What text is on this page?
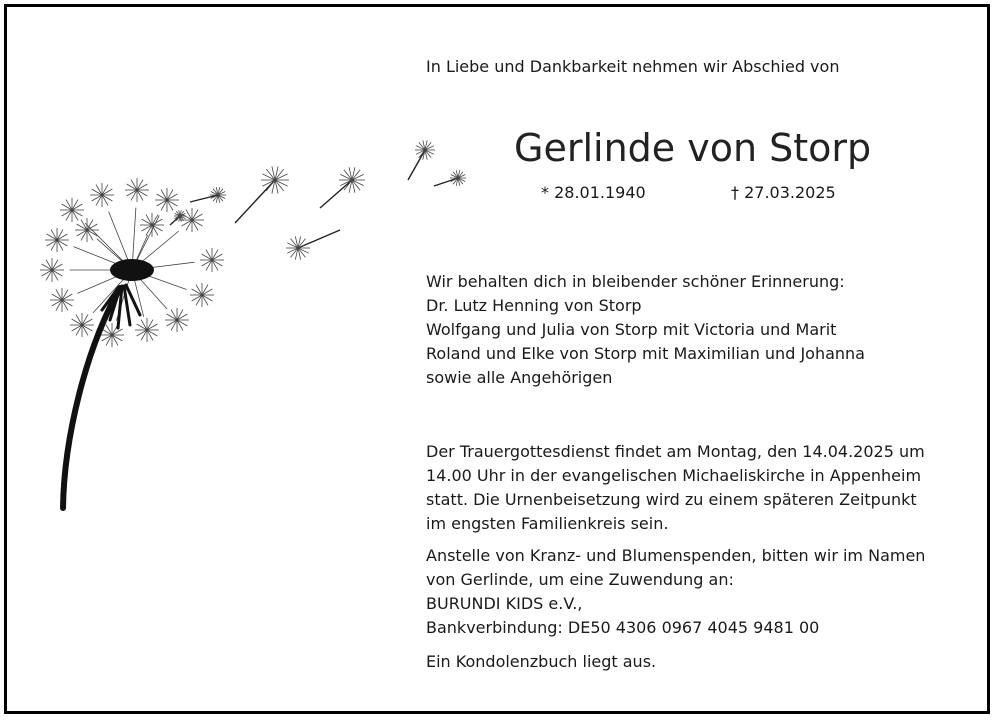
In Liebe und Dankbarkeit nehmen wir Abschied von
Gerlinde von Storp
* 28.01.1940	† 27.03.2025
Wir behalten dich in bleibender schöner Erinnerung:
Dr. Lutz Henning von Storp
Wolfgang und Julia von Storp mit Victoria und Marit
Roland und Elke von Storp mit Maximilian und Johanna
sowie alle Angehörigen
Der Trauergottesdienst findet am Montag, den 14.04.2025 um
14.00 Uhr in der evangelischen Michaeliskirche in Appenheim
statt. Die Urnenbeisetzung wird zu einem späteren Zeitpunkt
im engsten Familienkreis sein.
Anstelle von Kranz- und Blumenspenden, bitten wir im Namen
von Gerlinde, um eine Zuwendung an:
BURUNDI KIDS e.V.,
Bankverbindung: DE50 4306 0967 4045 9481 00
Ein Kondolenzbuch liegt aus.
